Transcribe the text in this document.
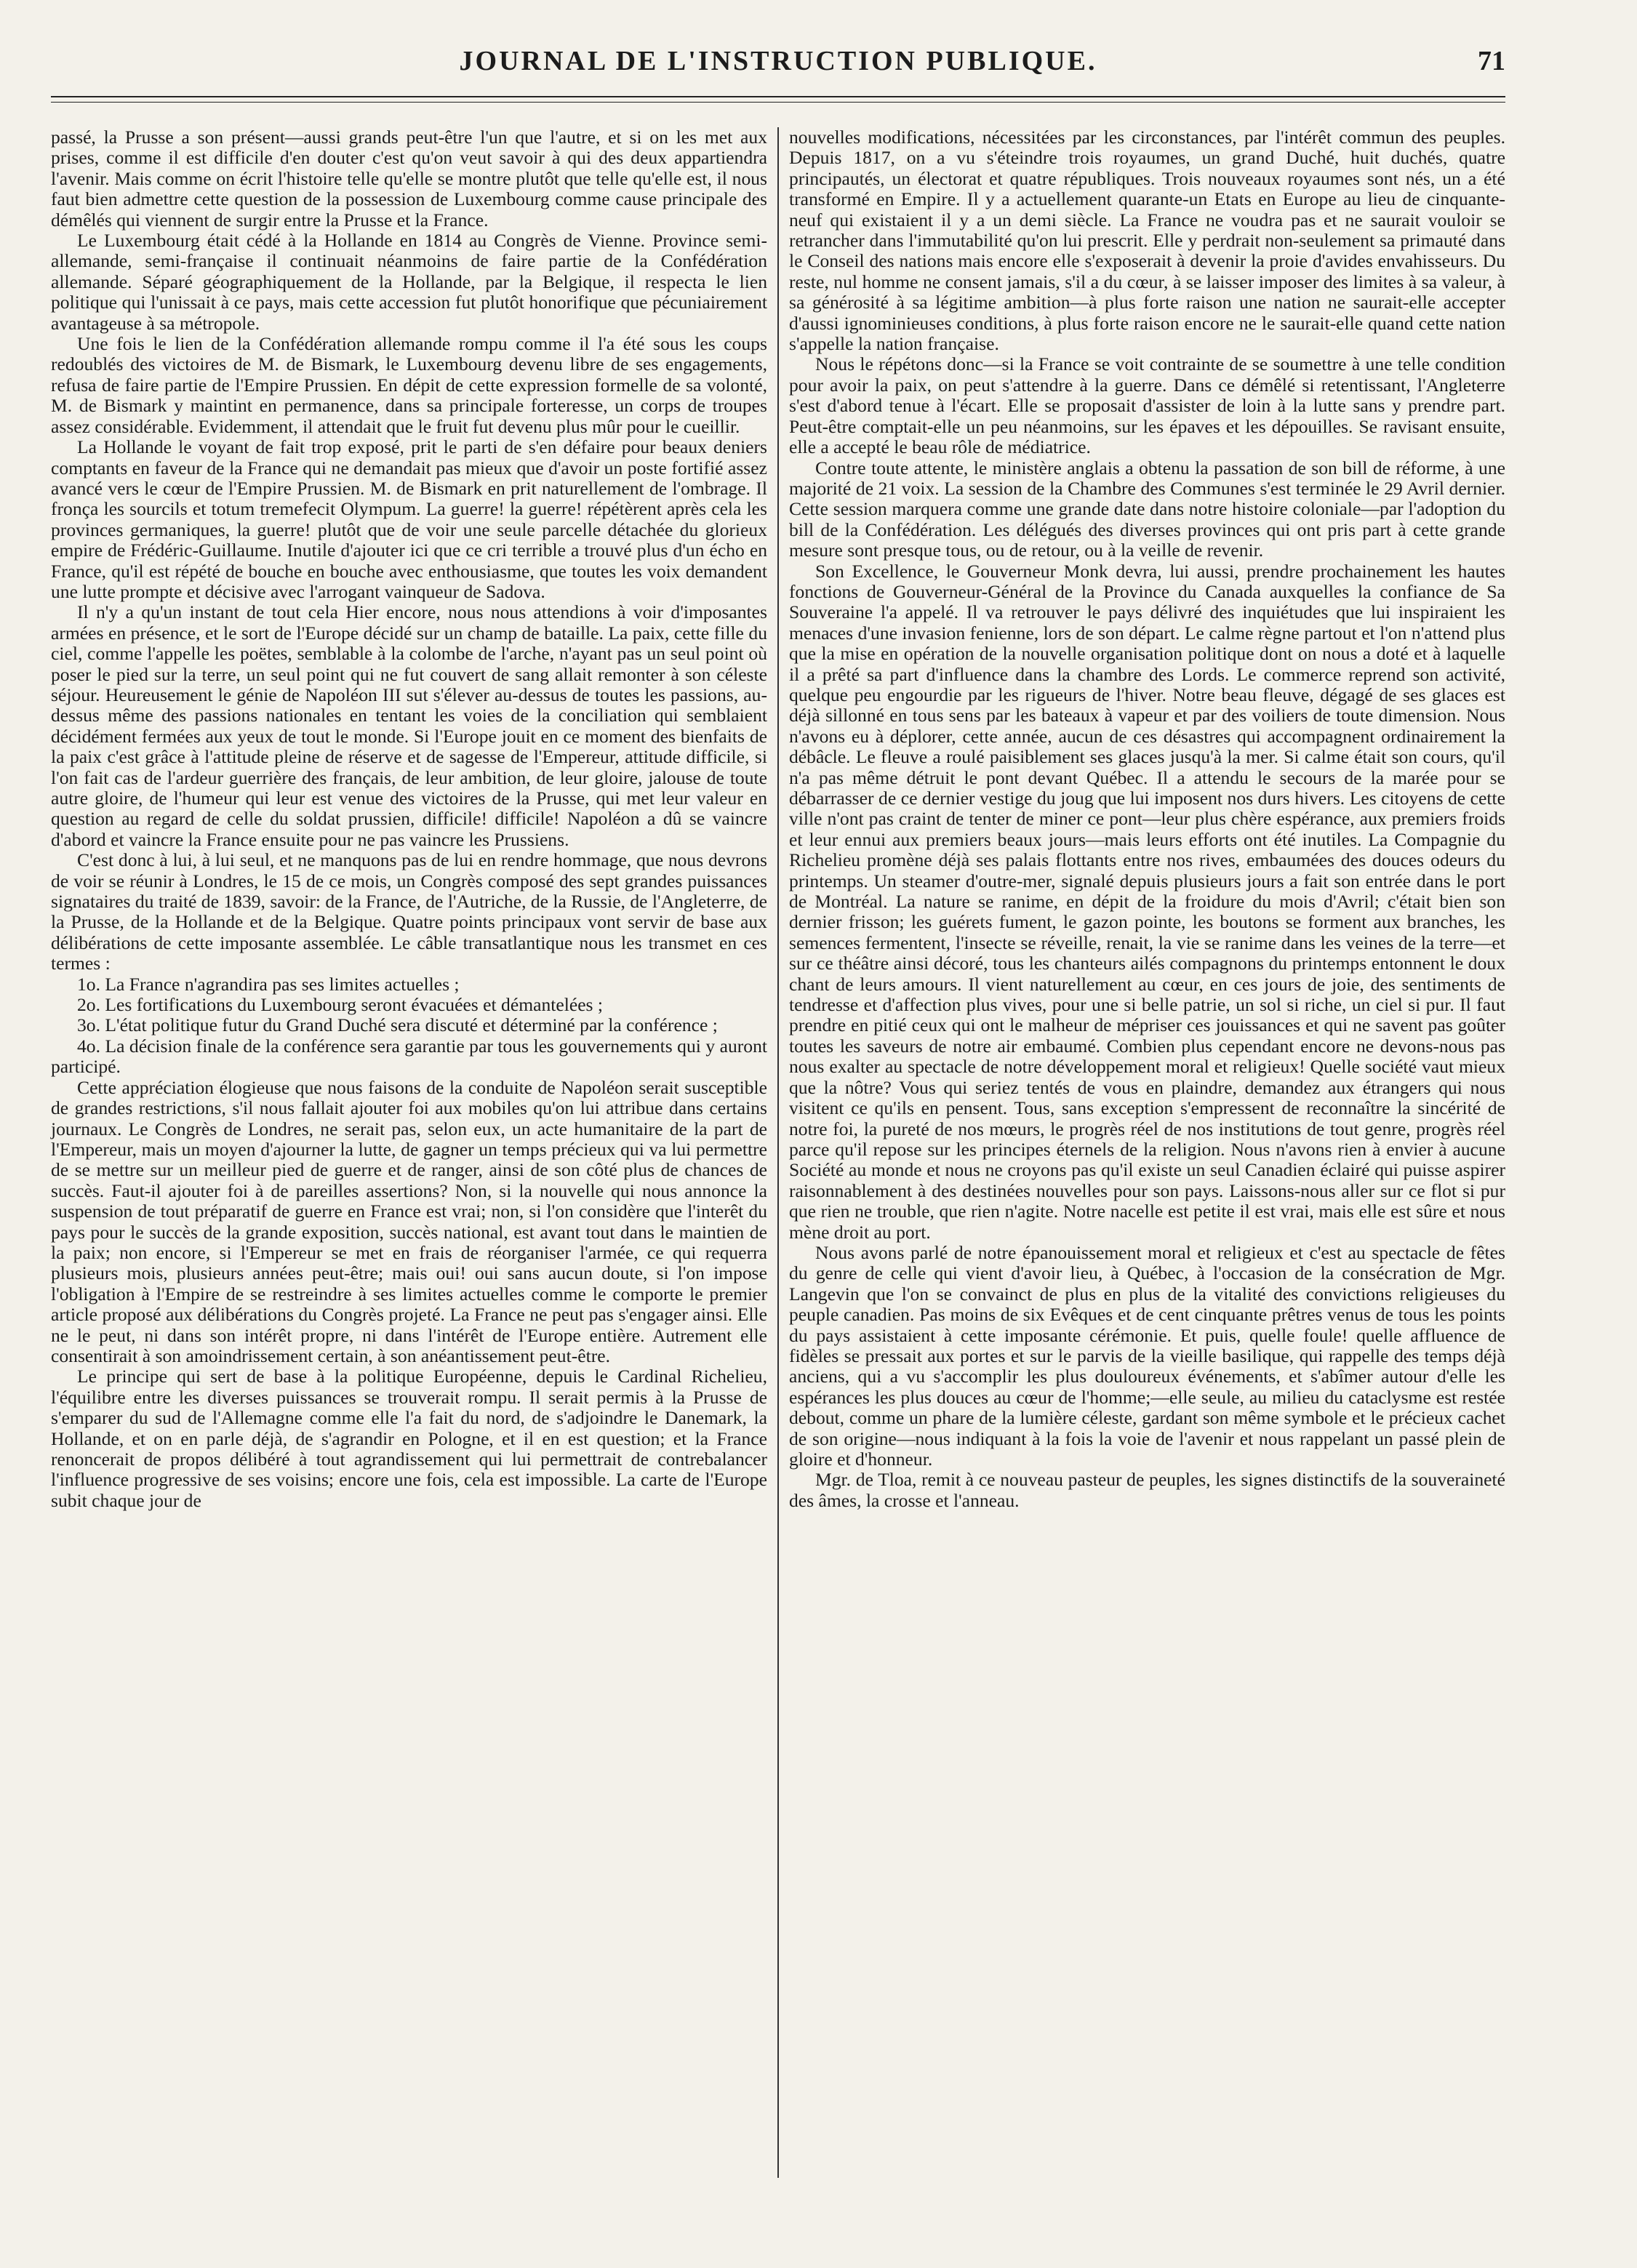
JOURNAL DE L'INSTRUCTION PUBLIQUE.	71

passé, la Prusse a son présent—aussi grands peut-être l'un que l'autre, et si on les met aux prises, comme il est difficile d'en douter c'est qu'on veut savoir à qui des deux appartiendra l'avenir. Mais comme on écrit l'histoire telle qu'elle se montre plutôt que telle qu'elle est, il nous faut bien admettre cette question de la possession de Luxembourg comme cause principale des démêlés qui viennent de surgir entre la Prusse et la France.

Le Luxembourg était cédé à la Hollande en 1814 au Congrès de Vienne. Province semi-allemande, semi-française il continuait néanmoins de faire partie de la Confédération allemande. Séparé géographiquement de la Hollande, par la Belgique, il respecta le lien politique qui l'unissait à ce pays, mais cette accession fut plutôt honorifique que pécuniairement avantageuse à sa métropole.

Une fois le lien de la Confédération allemande rompu comme il l'a été sous les coups redoublés des victoires de M. de Bismark, le Luxembourg devenu libre de ses engagements, refusa de faire partie de l'Empire Prussien. En dépit de cette expression formelle de sa volonté, M. de Bismark y maintint en permanence, dans sa principale forteresse, un corps de troupes assez considérable. Evidemment, il attendait que le fruit fut devenu plus mûr pour le cueillir.

La Hollande le voyant de fait trop exposé, prit le parti de s'en défaire pour beaux deniers comptants en faveur de la France qui ne demandait pas mieux que d'avoir un poste fortifié assez avancé vers le cœur de l'Empire Prussien. M. de Bismark en prit naturellement de l'ombrage. Il fronça les sourcils et totum tremefecit Olympum. La guerre! la guerre! répétèrent après cela les provinces germaniques, la guerre! plutôt que de voir une seule parcelle détachée du glorieux empire de Frédéric-Guillaume. Inutile d'ajouter ici que ce cri terrible a trouvé plus d'un écho en France, qu'il est répété de bouche en bouche avec enthousiasme, que toutes les voix demandent une lutte prompte et décisive avec l'arrogant vainqueur de Sadova.

Il n'y a qu'un instant de tout cela Hier encore, nous nous attendions à voir d'imposantes armées en présence, et le sort de l'Europe décidé sur un champ de bataille. La paix, cette fille du ciel, comme l'appelle les poëtes, semblable à la colombe de l'arche, n'ayant pas un seul point où poser le pied sur la terre, un seul point qui ne fut couvert de sang allait remonter à son céleste séjour. Heureusement le génie de Napoléon III sut s'élever au-dessus de toutes les passions, au-dessus même des passions nationales en tentant les voies de la conciliation qui semblaient décidément fermées aux yeux de tout le monde. Si l'Europe jouit en ce moment des bienfaits de la paix c'est grâce à l'attitude pleine de réserve et de sagesse de l'Empereur, attitude difficile, si l'on fait cas de l'ardeur guerrière des français, de leur ambition, de leur gloire, jalouse de toute autre gloire, de l'humeur qui leur est venue des victoires de la Prusse, qui met leur valeur en question au regard de celle du soldat prussien, difficile! difficile! Napoléon a dû se vaincre d'abord et vaincre la France ensuite pour ne pas vaincre les Prussiens.

C'est donc à lui, à lui seul, et ne manquons pas de lui en rendre hommage, que nous devrons de voir se réunir à Londres, le 15 de ce mois, un Congrès composé des sept grandes puissances signataires du traité de 1839, savoir: de la France, de l'Autriche, de la Russie, de l'Angleterre, de la Prusse, de la Hollande et de la Belgique. Quatre points principaux vont servir de base aux délibérations de cette imposante assemblée. Le câble transatlantique nous les transmet en ces termes :

1o. La France n'agrandira pas ses limites actuelles ;

2o. Les fortifications du Luxembourg seront évacuées et démantelées ;

3o. L'état politique futur du Grand Duché sera discuté et déterminé par la conférence ;

4o. La décision finale de la conférence sera garantie par tous les gouvernements qui y auront participé.

Cette appréciation élogieuse que nous faisons de la conduite de Napoléon serait susceptible de grandes restrictions, s'il nous fallait ajouter foi aux mobiles qu'on lui attribue dans certains journaux. Le Congrès de Londres, ne serait pas, selon eux, un acte humanitaire de la part de l'Empereur, mais un moyen d'ajourner la lutte, de gagner un temps précieux qui va lui permettre de se mettre sur un meilleur pied de guerre et de ranger, ainsi de son côté plus de chances de succès. Faut-il ajouter foi à de pareilles assertions? Non, si la nouvelle qui nous annonce la suspension de tout préparatif de guerre en France est vrai; non, si l'on considère que l'interêt du pays pour le succès de la grande exposition, succès national, est avant tout dans le maintien de la paix; non encore, si l'Empereur se met en frais de réorganiser l'armée, ce qui requerra plusieurs mois, plusieurs années peut-être; mais oui! oui sans aucun doute, si l'on impose l'obligation à l'Empire de se restreindre à ses limites actuelles comme le comporte le premier article proposé aux délibérations du Congrès projeté. La France ne peut pas s'engager ainsi. Elle ne le peut, ni dans son intérêt propre, ni dans l'intérêt de l'Europe entière. Autrement elle consentirait à son amoindrissement certain, à son anéantissement peut-être.

Le principe qui sert de base à la politique Européenne, depuis le Cardinal Richelieu, l'équilibre entre les diverses puissances se trouverait rompu. Il serait permis à la Prusse de s'emparer du sud de l'Allemagne comme elle l'a fait du nord, de s'adjoindre le Danemark, la Hollande, et on en parle déjà, de s'agrandir en Pologne, et il en est question; et la France renoncerait de propos délibéré à tout agrandissement qui lui permettrait de contrebalancer l'influence progressive de ses voisins; encore une fois, cela est impossible. La carte de l'Europe subit chaque jour de

nouvelles modifications, nécessitées par les circonstances, par l'intérêt commun des peuples. Depuis 1817, on a vu s'éteindre trois royaumes, un grand Duché, huit duchés, quatre principautés, un électorat et quatre républiques. Trois nouveaux royaumes sont nés, un a été transformé en Empire. Il y a actuellement quarante-un Etats en Europe au lieu de cinquante-neuf qui existaient il y a un demi siècle. La France ne voudra pas et ne saurait vouloir se retrancher dans l'immutabilité qu'on lui prescrit. Elle y perdrait non-seulement sa primauté dans le Conseil des nations mais encore elle s'exposerait à devenir la proie d'avides envahisseurs. Du reste, nul homme ne consent jamais, s'il a du cœur, à se laisser imposer des limites à sa valeur, à sa générosité à sa légitime ambition—à plus forte raison une nation ne saurait-elle accepter d'aussi ignominieuses conditions, à plus forte raison encore ne le saurait-elle quand cette nation s'appelle la nation française.

Nous le répétons donc—si la France se voit contrainte de se soumettre à une telle condition pour avoir la paix, on peut s'attendre à la guerre. Dans ce démêlé si retentissant, l'Angleterre s'est d'abord tenue à l'écart. Elle se proposait d'assister de loin à la lutte sans y prendre part. Peut-être comptait-elle un peu néanmoins, sur les épaves et les dépouilles. Se ravisant ensuite, elle a accepté le beau rôle de médiatrice.

Contre toute attente, le ministère anglais a obtenu la passation de son bill de réforme, à une majorité de 21 voix. La session de la Chambre des Communes s'est terminée le 29 Avril dernier. Cette session marquera comme une grande date dans notre histoire coloniale—par l'adoption du bill de la Confédération. Les délégués des diverses provinces qui ont pris part à cette grande mesure sont presque tous, ou de retour, ou à la veille de revenir.

Son Excellence, le Gouverneur Monk devra, lui aussi, prendre prochainement les hautes fonctions de Gouverneur-Général de la Province du Canada auxquelles la confiance de Sa Souveraine l'a appelé. Il va retrouver le pays délivré des inquiétudes que lui inspiraient les menaces d'une invasion fenienne, lors de son départ. Le calme règne partout et l'on n'attend plus que la mise en opération de la nouvelle organisation politique dont on nous a doté et à laquelle il a prêté sa part d'influence dans la chambre des Lords. Le commerce reprend son activité, quelque peu engourdie par les rigueurs de l'hiver. Notre beau fleuve, dégagé de ses glaces est déjà sillonné en tous sens par les bateaux à vapeur et par des voiliers de toute dimension. Nous n'avons eu à déplorer, cette année, aucun de ces désastres qui accompagnent ordinairement la débâcle. Le fleuve a roulé paisiblement ses glaces jusqu'à la mer. Si calme était son cours, qu'il n'a pas même détruit le pont devant Québec. Il a attendu le secours de la marée pour se débarrasser de ce dernier vestige du joug que lui imposent nos durs hivers. Les citoyens de cette ville n'ont pas craint de tenter de miner ce pont—leur plus chère espérance, aux premiers froids et leur ennui aux premiers beaux jours—mais leurs efforts ont été inutiles. La Compagnie du Richelieu promène déjà ses palais flottants entre nos rives, embaumées des douces odeurs du printemps. Un steamer d'outre-mer, signalé depuis plusieurs jours a fait son entrée dans le port de Montréal. La nature se ranime, en dépit de la froidure du mois d'Avril; c'était bien son dernier frisson; les guérets fument, le gazon pointe, les boutons se forment aux branches, les semences fermentent, l'insecte se réveille, renait, la vie se ranime dans les veines de la terre—et sur ce théâtre ainsi décoré, tous les chanteurs ailés compagnons du printemps entonnent le doux chant de leurs amours. Il vient naturellement au cœur, en ces jours de joie, des sentiments de tendresse et d'affection plus vives, pour une si belle patrie, un sol si riche, un ciel si pur. Il faut prendre en pitié ceux qui ont le malheur de mépriser ces jouissances et qui ne savent pas goûter toutes les saveurs de notre air embaumé. Combien plus cependant encore ne devons-nous pas nous exalter au spectacle de notre développement moral et religieux! Quelle société vaut mieux que la nôtre? Vous qui seriez tentés de vous en plaindre, demandez aux étrangers qui nous visitent ce qu'ils en pensent. Tous, sans exception s'empressent de reconnaître la sincérité de notre foi, la pureté de nos mœurs, le progrès réel de nos institutions de tout genre, progrès réel parce qu'il repose sur les principes éternels de la religion. Nous n'avons rien à envier à aucune Société au monde et nous ne croyons pas qu'il existe un seul Canadien éclairé qui puisse aspirer raisonnablement à des destinées nouvelles pour son pays. Laissons-nous aller sur ce flot si pur que rien ne trouble, que rien n'agite. Notre nacelle est petite il est vrai, mais elle est sûre et nous mène droit au port.

Nous avons parlé de notre épanouissement moral et religieux et c'est au spectacle de fêtes du genre de celle qui vient d'avoir lieu, à Québec, à l'occasion de la consécration de Mgr. Langevin que l'on se convainct de plus en plus de la vitalité des convictions religieuses du peuple canadien. Pas moins de six Evêques et de cent cinquante prêtres venus de tous les points du pays assistaient à cette imposante cérémonie. Et puis, quelle foule! quelle affluence de fidèles se pressait aux portes et sur le parvis de la vieille basilique, qui rappelle des temps déjà anciens, qui a vu s'accomplir les plus douloureux événements, et s'abîmer autour d'elle les espérances les plus douces au cœur de l'homme;—elle seule, au milieu du cataclysme est restée debout, comme un phare de la lumière céleste, gardant son même symbole et le précieux cachet de son origine—nous indiquant à la fois la voie de l'avenir et nous rappelant un passé plein de gloire et d'honneur.

Mgr. de Tloa, remit à ce nouveau pasteur de peuples, les signes distinctifs de la souveraineté des âmes, la crosse et l'anneau.
